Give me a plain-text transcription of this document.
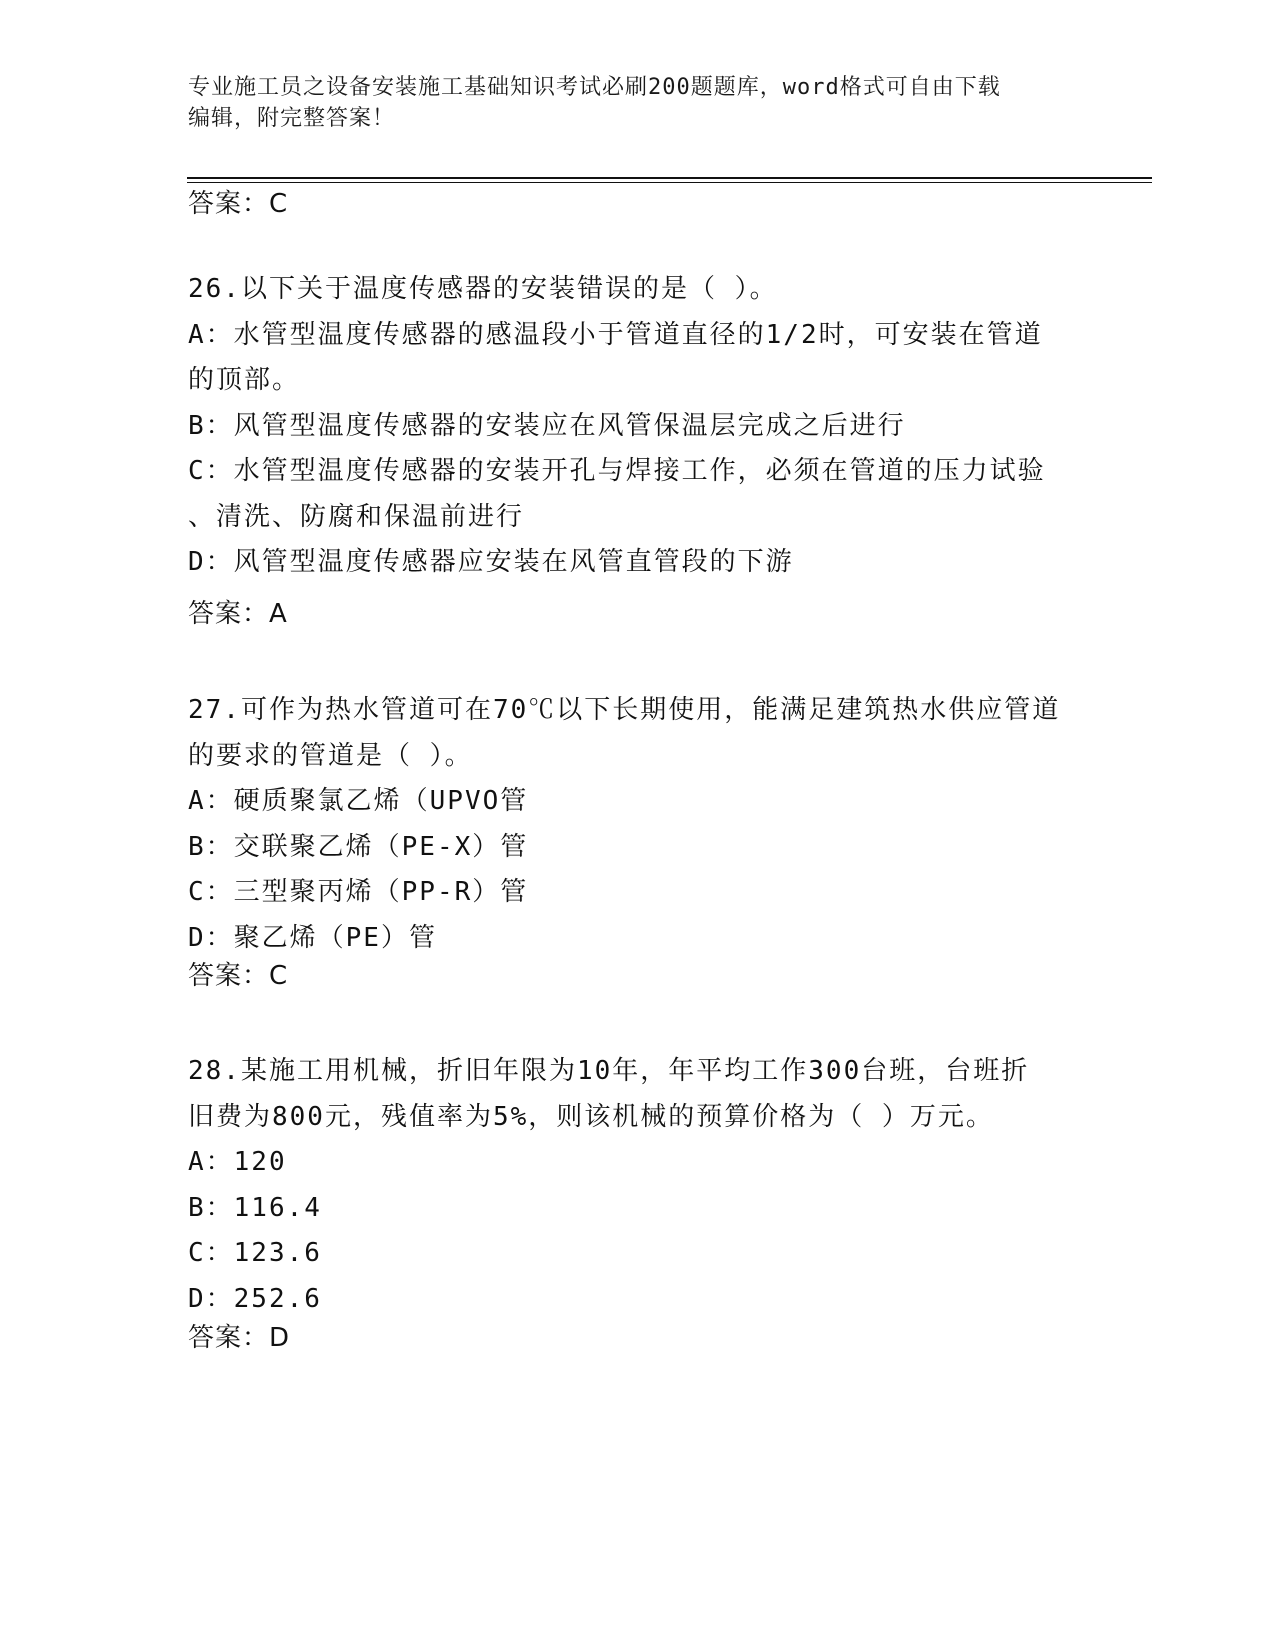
专业施工员之设备安装施工基础知识考试必刷200题题库，word格式可自由下载
编辑，附完整答案！
答案：C
26.以下关于温度传感器的安装错误的是（ ）。
A：水管型温度传感器的感温段小于管道直径的1/2时，可安装在管道
的顶部。
B：风管型温度传感器的安装应在风管保温层完成之后进行
C：水管型温度传感器的安装开孔与焊接工作，必须在管道的压力试验
、清洗、防腐和保温前进行
D：风管型温度传感器应安装在风管直管段的下游
答案：A
27.可作为热水管道可在70℃以下长期使用，能满足建筑热水供应管道
的要求的管道是（ ）。
A：硬质聚氯乙烯（UPVO管
B：交联聚乙烯（PE-X）管
C：三型聚丙烯（PP-R）管
D：聚乙烯（PE）管
答案：C
28.某施工用机械，折旧年限为10年，年平均工作300台班，台班折
旧费为800元，残值率为5%，则该机械的预算价格为（ ）万元。
A：120
B：116.4
C：123.6
D：252.6
答案：D
